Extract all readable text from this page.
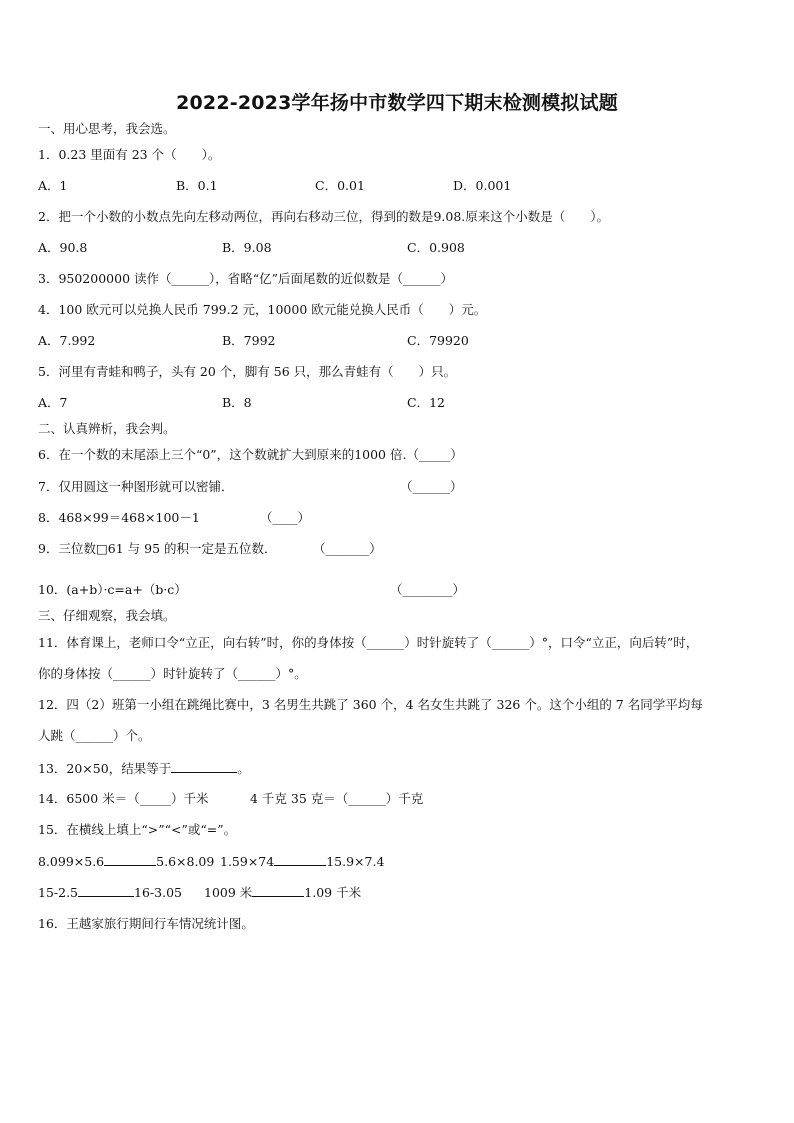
2022-2023学年扬中市数学四下期末检测模拟试题
一、用心思考，我会选。
1．0.23 里面有 23 个（　　）。
A．1	B．0.1	C．0.01	D．0.001
2．把一个小数的小数点先向左移动两位，再向右移动三位，得到的数是9.08.原来这个小数是（　　）。
A．90.8	B．9.08	C．0.908
3．950200000 读作（______），省略“亿”后面尾数的近似数是（______）
4．100 欧元可以兑换人民币 799.2 元，10000 欧元能兑换人民币（　　）元。
A．7.992	B．7992	C．79920
5．河里有青蛙和鸭子，头有 20 个，脚有 56 只，那么青蛙有（　　）只。
A．7	B．8	C．12
二、认真辨析，我会判。
6．在一个数的末尾添上三个“0”，这个数就扩大到原来的1000 倍.（_____）
7．仅用圆这一种图形就可以密铺．	（______）
8．468×99＝468×100－1	（____）
9．三位数□61 与 95 的积一定是五位数．	（_______）
10．(a+b）·c=a+（b·c）	（________）
三、仔细观察，我会填。
11．体育课上，老师口令“立正，向右转”时，你的身体按（______）时针旋转了（______）°，口令“立正，向后转”时，
你的身体按（______）时针旋转了（______）°。
12．四（2）班第一小组在跳绳比赛中，3 名男生共跳了 360 个，4 名女生共跳了 326 个。这个小组的 7 名同学平均每
人跳（______）个。
13．20×50，结果等于	。
14．6500 米＝（_____）千米	4 千克 35 克＝（______）千克
15．在横线上填上“>”“<”或“=”。
8.099×5.6	5.6×8.09 1.59×74	15.9×7.4
15-2.5	16-3.05 1009 米	1.09 千米
16．王越家旅行期间行车情况统计图。
